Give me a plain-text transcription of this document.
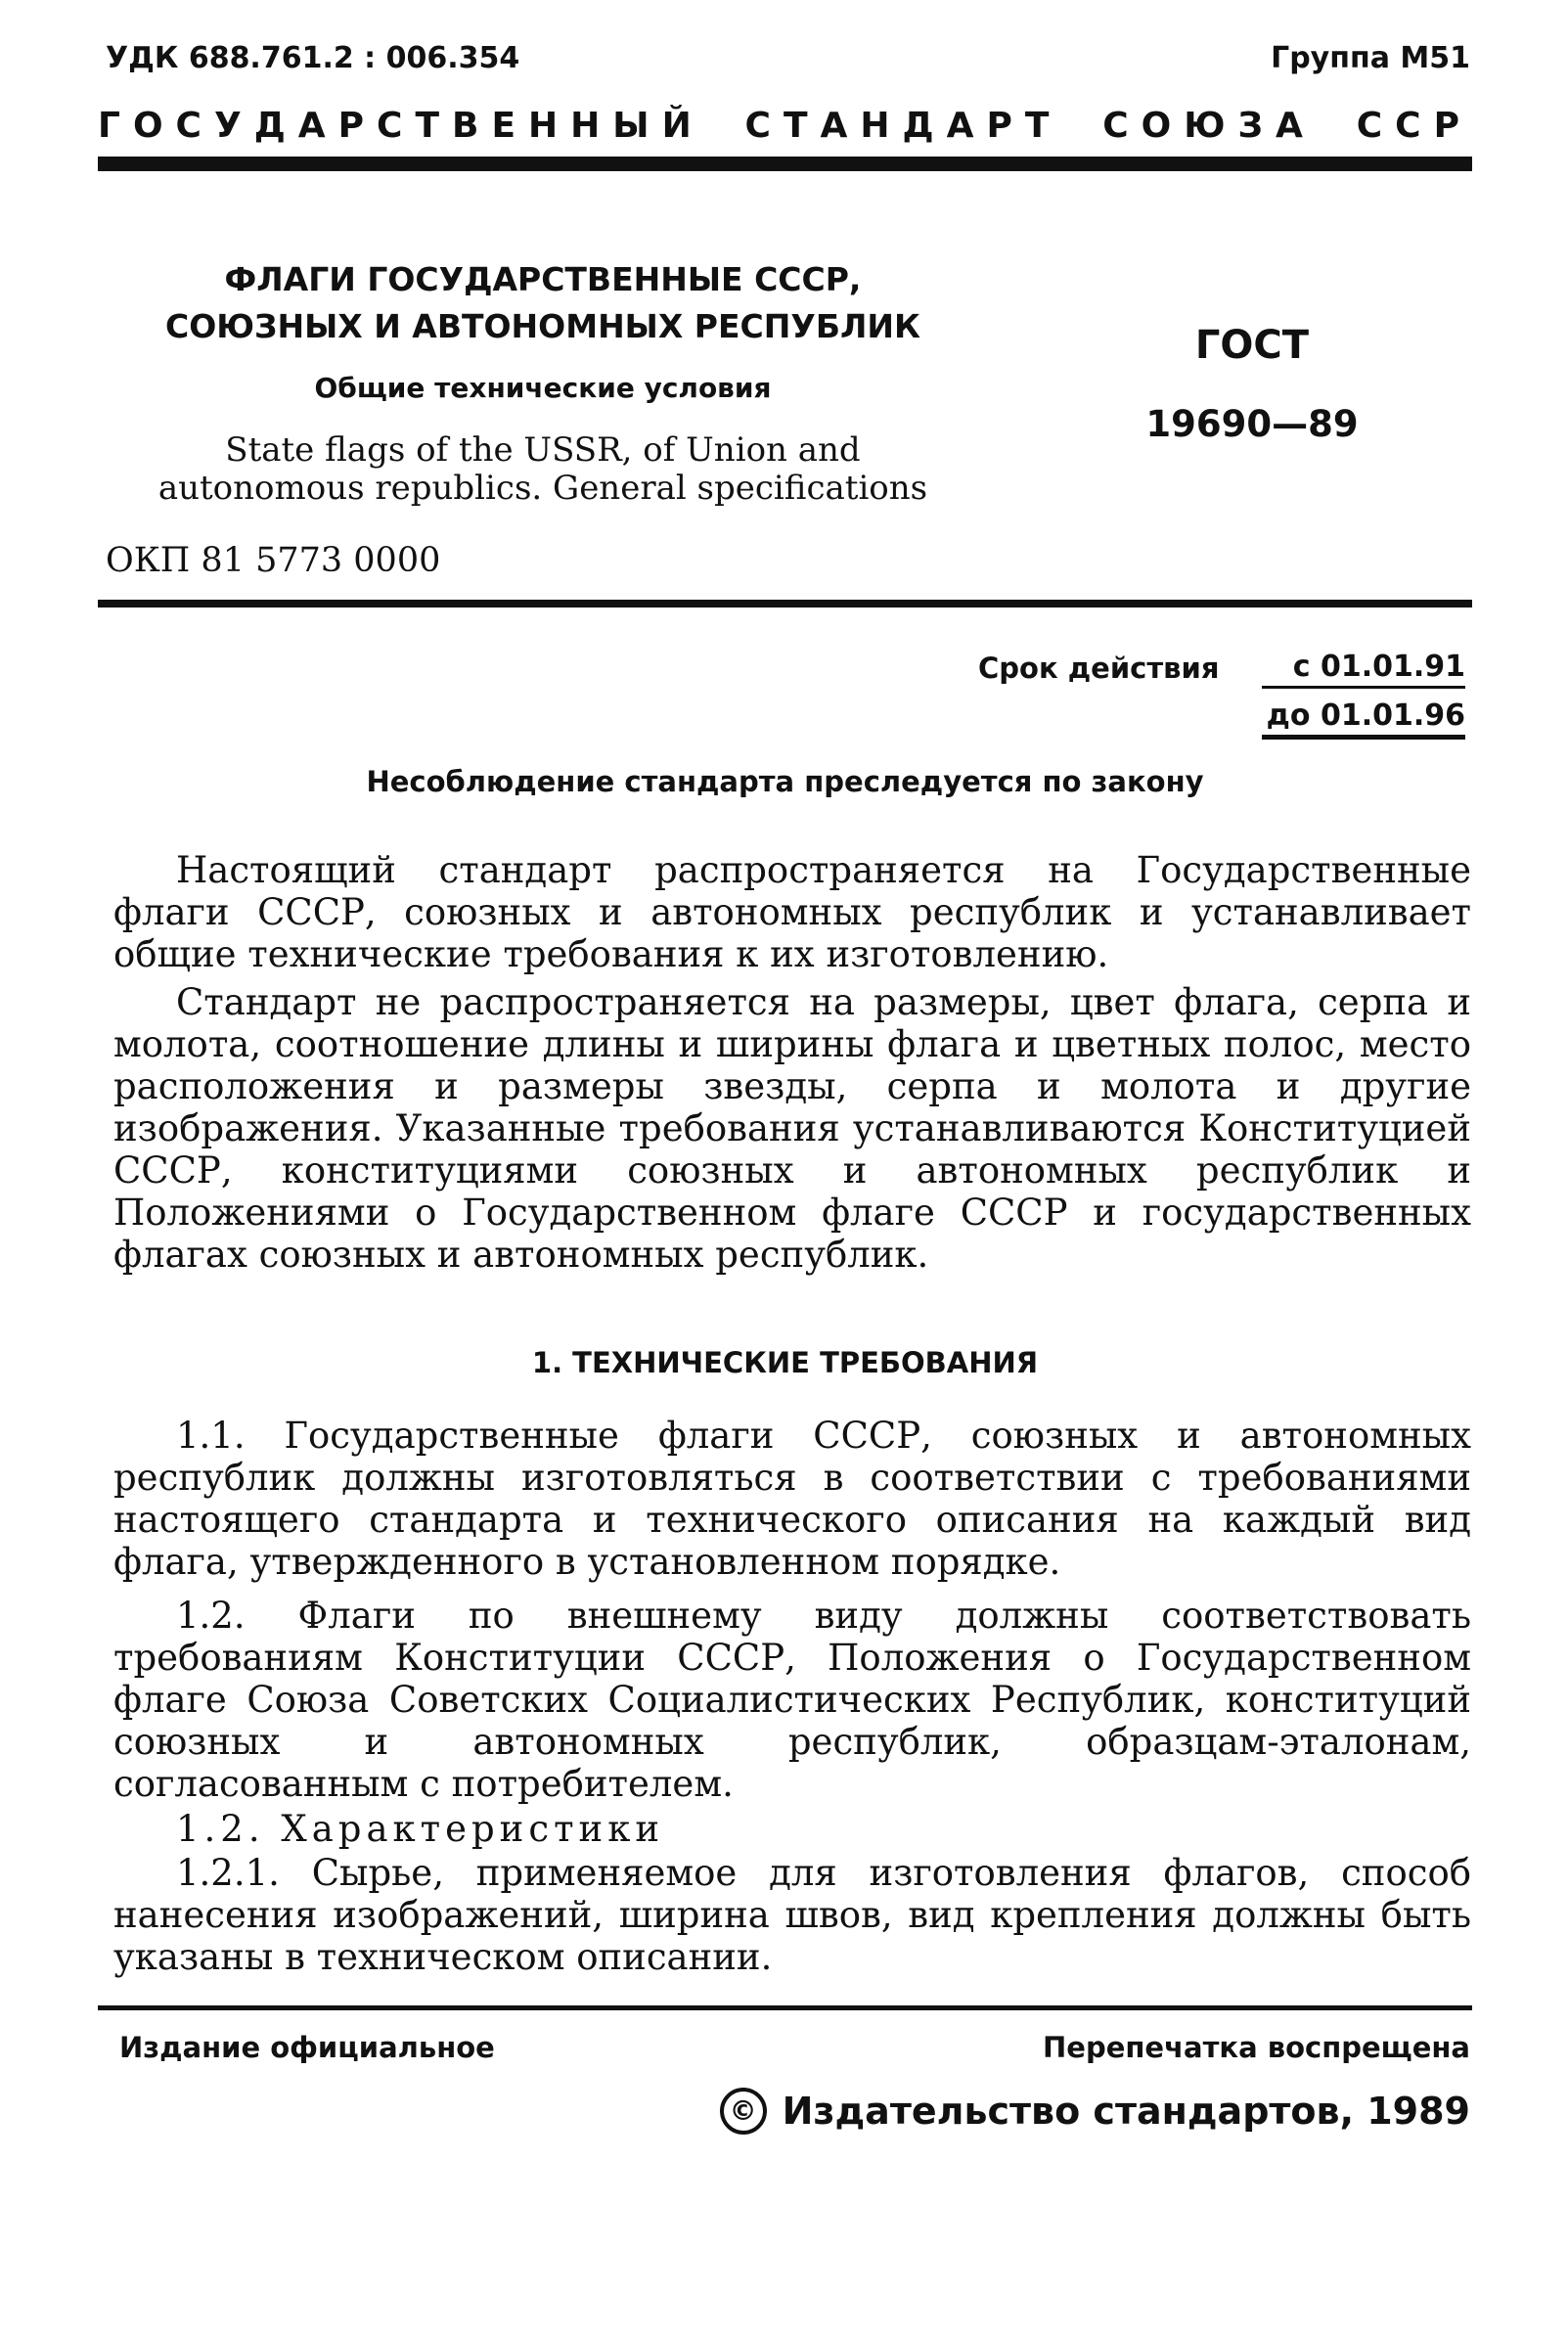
УДК 688.761.2 : 006.354	Группа М51
ГОСУДАРСТВЕННЫЙ СТАНДАРТ СОЮЗА ССР
ФЛАГИ ГОСУДАРСТВЕННЫЕ СССР,
СОЮЗНЫХ И АВТОНОМНЫХ РЕСПУБЛИК
Общие технические условия
State flags of the USSR, of Union and
autonomous republics. General specifications
ГОСТ
19690—89
ОКП 81 5773 0000
Срок действия	с 01.01.91
до 01.01.96
Несоблюдение стандарта преследуется по закону
Настоящий стандарт распространяется на Государственные флаги СССР, союзных и автономных республик и устанавливает общие технические требования к их изготовлению.
Стандарт не распространяется на размеры, цвет флага, серпа и молота, соотношение длины и ширины флага и цветных полос, место расположения и размеры звезды, серпа и молота и другие изображения. Указанные требования устанавливаются Конституцией СССР, конституциями союзных и автономных республик и Положениями о Государственном флаге СССР и государственных флагах союзных и автономных республик.
1. ТЕХНИЧЕСКИЕ ТРЕБОВАНИЯ
1.1. Государственные флаги СССР, союзных и автономных республик должны изготовляться в соответствии с требованиями настоящего стандарта и технического описания на каждый вид флага, утвержденного в установленном порядке.
1.2. Флаги по внешнему виду должны соответствовать требованиям Конституции СССР, Положения о Государственном флаге Союза Советских Социалистических Республик, конституций союзных и автономных республик, образцам-эталонам, согласованным с потребителем.
1.2. Характеристики
1.2.1. Сырье, применяемое для изготовления флагов, способ нанесения изображений, ширина швов, вид крепления должны быть указаны в техническом описании.
Издание официальное	Перепечатка воспрещена
© Издательство стандартов, 1989
